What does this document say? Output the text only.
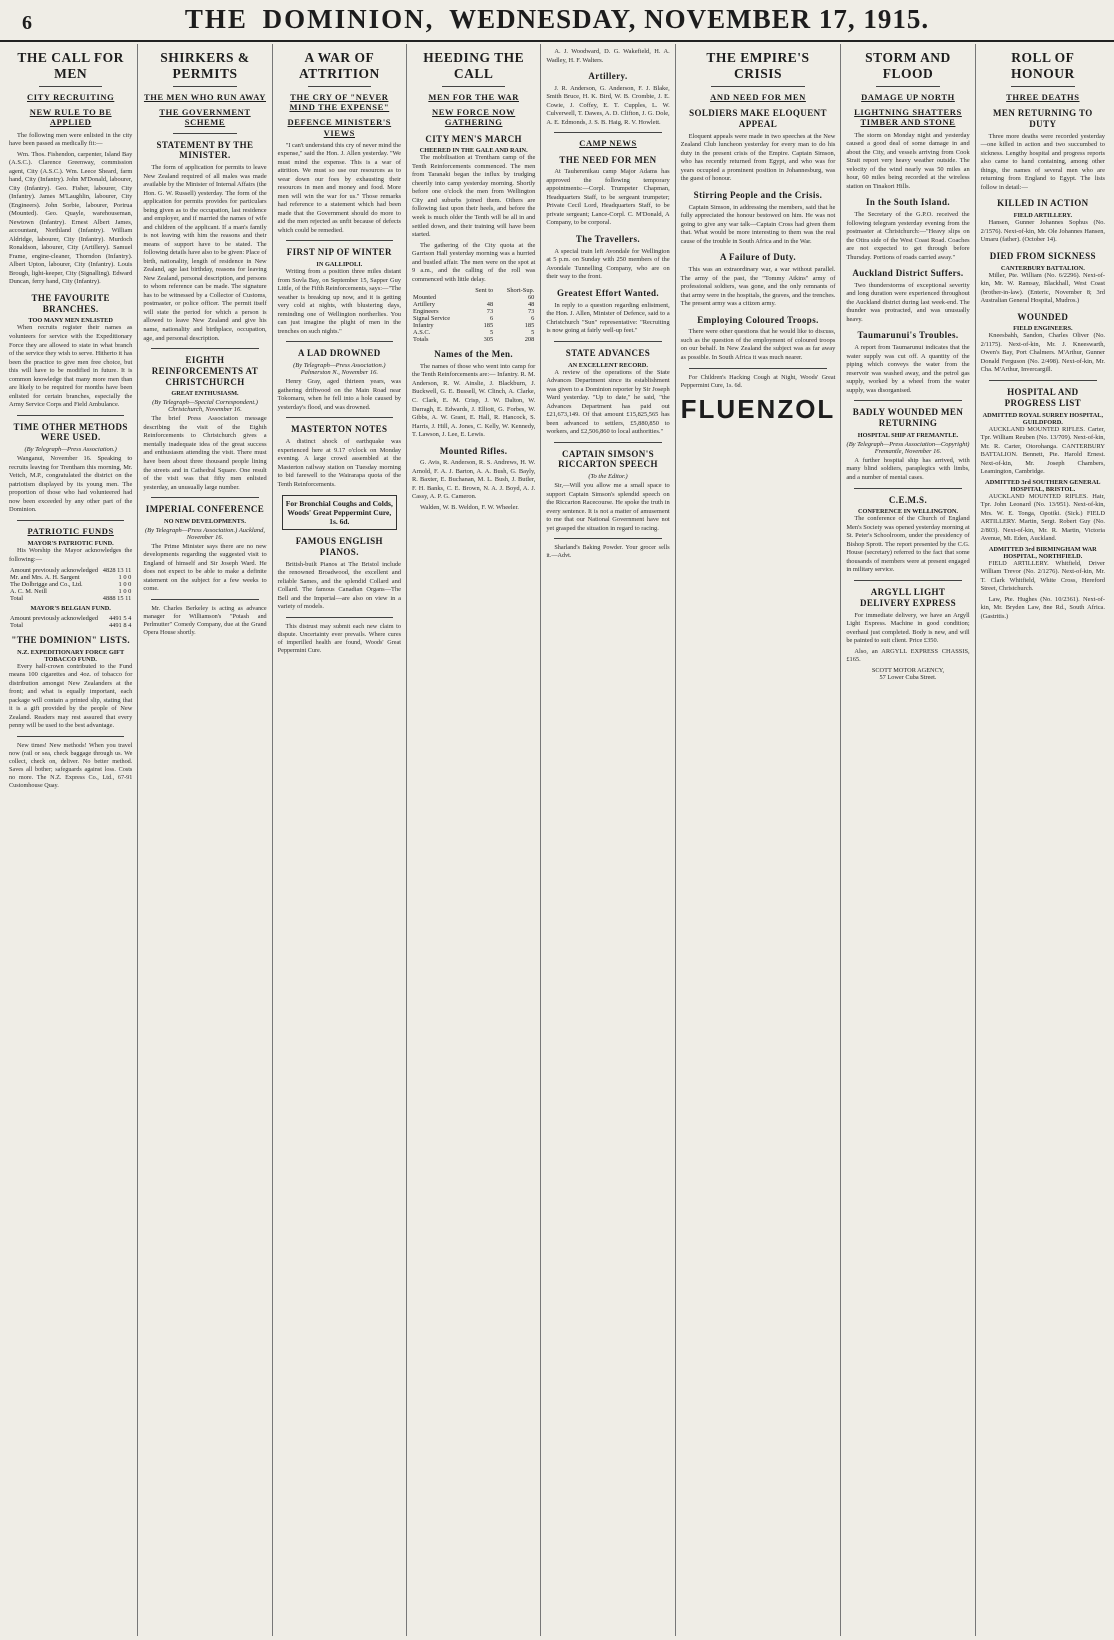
6	THE DOMINION, WEDNESDAY, NOVEMBER 17, 1915.
THE CALL FOR MEN
CITY RECRUITING
NEW RULE TO BE APPLIED

The following men were enlisted in the city have been passed as medically fit:—

Wm. Thos. Fishendon, carpenter, Island Bay (A.S.C.). Clarence Greenway, commission agent, City (A.S.C.). Wm. Leece Sheard, farm hand, City (Infantry). John M'Donald, labourer, City (Infantry). Geo. Fisher, labourer, City (Infantry). James M'Laughlin, labourer, City (Engineers). John Sorbie, labourer, Porirua (Mounted). Geo. Quayle, warehouseman, Newtown (Infantry). Ernest Albert James, accountant, Northland (Infantry). William Aldridge, labourer, City (Infantry). Murdoch Ronaldson, labourer, City (Artillery). Samuel Frame, engine-cleaner, Thorndon (Infantry). Albert Upton, labourer, City (Infantry). Louis Brough, light-keeper, City (Signalling). Edward Duncan, ferry hand, City (Infantry).

THE FAVOURITE BRANCHES.
TOO MANY MEN ENLISTED

When recruits register their names as volunteers for service with the Expeditionary Force they are allowed to state in what branch of the service they wish to serve. Hitherto it has been the practice to give men free choice, but this will have to be modified in future. It is common knowledge that many more men than are likely to be required for months have been enlisted for certain branches, especially the Army Service Corps and Field Ambulance.

TIME OTHER METHODS WERE USED.
(By Telegraph—Press Association.)

Wanganui, November 16. Speaking to recruits leaving for Trentham this morning, Mr. Veitch, M.P., congratulated the district on the patriotism displayed by its young men. The proportion of those who had volunteered had now been exceeded by any other part of the Dominion.

PATRIOTIC FUNDS
MAYOR'S PATRIOTIC FUND.

His Worship the Mayor acknowledges the following:—

Amount previously acknowledged	4828 13 11
Mr. and Mrs. A. H. Sargent	1 0 0
The Dolbrigge and Co., Ltd.	1 0 0
A. C. M. Neill	1 0 0
Total	4888 15 11
MAYOR'S BELGIAN FUND.
Amount previously acknowledged	4491 5 4
Total	4491 8 4
"THE DOMINION" LISTS.
N.Z. EXPEDITIONARY FORCE GIFT TOBACCO FUND.

Every half-crown contributed to the Fund means 100 cigarettes and 4oz. of tobacco for distribution amongst New Zealanders at the front; and what is equally important, each package will contain a printed slip, stating that it is a gift provided by the people of New Zealand. Readers may rest assured that every penny will be used to the best advantage.

New times! New methods! When you travel now (rail or sea, check baggage through us. We collect, check on, deliver. No better method. Saves all bother; safeguards against loss. Costs no more. The N.Z. Express Co., Ltd., 67-91 Customhouse Quay.

SHIRKERS & PERMITS
THE MEN WHO RUN AWAY
THE GOVERNMENT SCHEME
STATEMENT BY THE MINISTER.

The form of application for permits to leave New Zealand required of all males was made available by the Minister of Internal Affairs (the Hon. G. W. Russell) yesterday. The form of the application for permits provides for particulars being given as to the occupation, last residence and employer, and if married the names of wife and children of the applicant. If a man's family is not leaving with him the reasons and their means of support have to be stated. The following details have also to be given: Place of birth, nationality, length of residence in New Zealand, age last birthday, reasons for leaving New Zealand, personal description, and persons to whom reference can be made. The signature has to be witnessed by a Collector of Customs, postmaster, or police officer. The permit itself will state the period for which a person is allowed to leave New Zealand and give his name, nationality and birthplace, occupation, age, and personal description.

EIGHTH REINFORCEMENTS AT CHRISTCHURCH
GREAT ENTHUSIASM.
(By Telegraph—Special Correspondent.) Christchurch, November 16.

The brief Press Association message describing the visit of the Eighth Reinforcements to Christchurch gives a mentally inadequate idea of the great success and enthusiasm attending the visit. There must have been about three thousand people lining the streets and in Cathedral Square. One result of the visit was that fifty men enlisted yesterday, an unusually large number.

IMPERIAL CONFERENCE
NO NEW DEVELOPMENTS.
(By Telegraph—Press Association.) Auckland, November 16.

The Prime Minister says there are no new developments regarding the suggested visit to England of himself and Sir Joseph Ward. He does not expect to be able to make a definite statement on the subject for a few weeks to come.

Mr. Charles Berkeley is acting as advance manager for Williamson's "Potash and Perlmutter" Comedy Company, due at the Grand Opera House shortly.

A WAR OF ATTRITION
THE CRY OF "NEVER MIND THE EXPENSE"
DEFENCE MINISTER'S VIEWS

"I can't understand this cry of never mind the expense," said the Hon. J. Allen yesterday. "We must mind the expense. This is a war of attrition. We must so use our resources as to wear down our foes by exhausting their resources in men and money and food. More men will win the war for us." Those remarks had reference to a statement which had been made that the Government should do more to aid the men rejected as unfit because of defects which could be remedied.

FIRST NIP OF WINTER
IN GALLIPOLI.

Writing from a position three miles distant from Suvla Bay, on September 15, Sapper Guy Little, of the Fifth Reinforcements, says:—"The weather is breaking up now, and it is getting very cold at nights, with blustering days, reminding one of Wellington northerlies. You can just imagine the plight of men in the trenches on such nights."

A LAD DROWNED
(By Telegraph—Press Association.) Palmerston N., November 16.

Henry Gray, aged thirteen years, was gathering driftwood on the Main Road near Tokomaru, when he fell into a hole caused by yesterday's flood, and was drowned.

MASTERTON NOTES

A distinct shock of earthquake was experienced here at 9.17 o'clock on Monday evening. A large crowd assembled at the Masterton railway station on Tuesday morning to bid farewell to the Wairarapa quota of the Tenth Reinforcements.

For Bronchial Coughs and Colds, Woods' Great Peppermint Cure, 1s. 6d.
FAMOUS ENGLISH PIANOS.

British-built Pianos at The Bristol include the renowned Broadwood, the excellent and reliable Sames, and the splendid Collard and Collard. The famous Canadian Organs—The Bell and the Imperial—are also on view in a variety of models.

This distrust may submit each new claim to dispute. Uncertainty ever prevails. Where cures of imperilled health are found, Woods' Great Peppermint Cure.

HEEDING THE CALL
MEN FOR THE WAR
NEW FORCE NOW GATHERING
CITY MEN'S MARCH
CHEERED IN THE GALE AND RAIN.

The mobilisation at Trentham camp of the Tenth Reinforcements commenced. The men from Taranaki began the influx by trudging cheerily into camp yesterday morning. Shortly before one o'clock the men from Wellington City and suburbs joined them. Others are following fast upon their heels, and before the week is much older the Tenth will be all in and settled down, and their training will have been started.

The gathering of the City quota at the Garrison Hall yesterday morning was a hurried and bustled affair. The men were on the spot at 9 a.m., and the calling of the roll was commenced with little delay.

	Sent to	Short-Sup.
Mounted		60
Artillery	48	48
Engineers	73	73
Signal Service	6	6
Infantry	185	185
A.S.C.	5	5
Totals	305	208
Names of the Men.

The names of those who went into camp for the Tenth Reinforcements are:— Infantry. R. M. Anderson, R. W. Ainslie, J. Blackburn, J. Buckwell, G. E. Bussell, W. Clinch, A. Clarke, C. Clark, E. M. Crisp, J. W. Dalton, W. Darragh, E. Edwards, J. Elliott, G. Forbes, W. Gibbs, A. W. Grant, E. Hall, R. Hancock, S. Harris, J. Hill, A. Jones, C. Kelly, W. Kennedy, T. Lawson, J. Lee, E. Lewis.

Mounted Rifles.

G. Avis, R. Anderson, R. S. Andrews, H. W. Arnold, F. A. J. Barton, A. A. Bush, G. Bayly, R. Baxter, E. Buchanan, M. L. Bush, J. Butler, F. H. Banks, C. E. Brown, N. A. J. Boyd, A. J. Cassy, A. P. G. Cameron.

Walden, W. B. Weldon, F. W. Wheeler.

A. J. Woodward, D. G. Wakefield, H. A. Wadley, H. F. Walters.

Artillery.

J. R. Anderson, G. Anderson, F. J. Blake, Smith Bruce, H. K. Bird, W. B. Crombie, J. E. Cowie, J. Coffey, E. T. Cupples, L. W. Culverwell, T. Dawes, A. D. Clifton, J. G. Dole, A. E. Edmonds, J. S. B. Haig, R. V. Howlett.

CAMP NEWS
THE NEED FOR MEN

At Tauherenikau camp Major Adams has approved the following temporary appointments:—Corpl. Trumpeter Chapman, Headquarters Staff, to be sergeant trumpeter; Private Cecil Lord, Headquarters Staff, to be private sergeant; Lance-Corpl. C. M'Donald, A Company, to be corporal.

The Travellers.

A special train left Avondale for Wellington at 5 p.m. on Sunday with 250 members of the Avondale Tunnelling Company, who are on their way to the front.

Greatest Effort Wanted.

In reply to a question regarding enlistment, the Hon. J. Allen, Minister of Defence, said to a Christchurch "Sun" representative: "Recruiting is now going at fairly well-up feet."

STATE ADVANCES
AN EXCELLENT RECORD.

A review of the operations of the State Advances Department since its establishment was given to a Dominion reporter by Sir Joseph Ward yesterday. "Up to date," he said, "the Advances Department has paid out £21,673,149. Of that amount £15,825,565 has been advanced to settlers, £5,880,850 to workers, and £2,506,860 to local authorities."

CAPTAIN SIMSON'S RICCARTON SPEECH
(To the Editor.)

Sir,—Will you allow me a small space to support Captain Simson's splendid speech on the Riccarton Racecourse. He spoke the truth in every sentence. It is not a matter of amusement to me that our National Government have not yet grasped the situation in regard to racing.

Sharland's Baking Powder. Your grocer sells it.—Advt.

THE EMPIRE'S CRISIS
AND NEED FOR MEN
SOLDIERS MAKE ELOQUENT APPEAL

Eloquent appeals were made in two speeches at the New Zealand Club luncheon yesterday for every man to do his duty in the present crisis of the Empire. Captain Simson, who has recently returned from Egypt, and who was for years occupied a prominent position in Johannesburg, was the guest of honour.

Stirring People and the Crisis.

Captain Simson, in addressing the members, said that he fully appreciated the honour bestowed on him. He was not going to give any war talk—Captain Cross had given them that. What would be more interesting to them was the real cause of the trouble in South Africa and in the War.

A Failure of Duty.

This was an extraordinary war, a war without parallel. The army of the past, the "Tommy Atkins" army of professional soldiers, was gone, and the only remnants of that army were in the hospitals, the graves, and the trenches. The present army was a citizen army.

Employing Coloured Troops.

There were other questions that he would like to discuss, such as the question of the employment of coloured troops on our behalf. In New Zealand the subject was as far away as possible. In South Africa it was much nearer.

For Children's Hacking Cough at Night, Woods' Great Peppermint Cure, 1s. 6d.

FLUENZOL
STORM AND FLOOD
DAMAGE UP NORTH
LIGHTNING SHATTERS TIMBER AND STONE

The storm on Monday night and yesterday caused a good deal of some damage in and about the City, and vessels arriving from Cook Strait report very heavy weather outside. The velocity of the wind nearly was 50 miles an hour, 60 miles being recorded at the wireless station on Tinakori Hills.

In the South Island.

The Secretary of the G.P.O. received the following telegram yesterday evening from the postmaster at Christchurch:—"Heavy slips on the Otira side of the West Coast Road. Coaches are not expected to get through before Thursday. Portions of roads carried away."

Auckland District Suffers.

Two thunderstorms of exceptional severity and long duration were experienced throughout the Auckland district during last week-end. The thunder was protracted, and was unusually heavy.

Taumarunui's Troubles.

A report from Taumarunui indicates that the water supply was cut off. A quantity of the piping which conveys the water from the reservoir was washed away, and the petrol gas supply, worked by a wheel from the water supply, was disorganised.

BADLY WOUNDED MEN RETURNING
HOSPITAL SHIP AT FREMANTLE.
(By Telegraph—Press Association—Copyright) Fremantle, November 16.

A further hospital ship has arrived, with many blind soldiers, paraplegics with limbs, and a number of mental cases.

C.E.M.S.
CONFERENCE IN WELLINGTON.

The conference of the Church of England Men's Society was opened yesterday morning at St. Peter's Schoolroom, under the presidency of Bishop Sprott. The report presented by the C.G. House (secretary) referred to the fact that some thousands of members were at present engaged in military service.

ARGYLL LIGHT DELIVERY EXPRESS

For immediate delivery, we have an Argyll Light Express. Machine in good condition; overhaul just completed. Body is new, and will be painted to suit client. Price £350.

Also, an ARGYLL EXPRESS CHASSIS, £165.

SCOTT MOTOR AGENCY,
57 Lower Cuba Street.
ROLL OF HONOUR
THREE DEATHS
MEN RETURNING TO DUTY

Three more deaths were recorded yesterday—one killed in action and two succumbed to sickness. Lengthy hospital and progress reports also came to hand containing, among other things, the names of several men who are returning from England to Egypt. The lists follow in detail:—

KILLED IN ACTION
FIELD ARTILLERY.

Hansen, Gunner Johannes Sophus (No. 2/1576). Next-of-kin, Mr. Ole Johannes Hansen, Umaru (father). (October 14).

DIED FROM SICKNESS
CANTERBURY BATTALION.

Miller, Pte. William (No. 6/2296). Next-of-kin, Mr. W. Ramsay, Blackhall, West Coast (brother-in-law). (Enteric, November 8; 3rd Australian General Hospital, Mudros.)

WOUNDED
FIELD ENGINEERS.

Kneesbahh, Sandon, Charles Oliver (No. 2/1175). Next-of-kin, Mr. J. Kneeswarth, Owen's Bay, Port Chalmers. M'Arthur, Gunner Donald Ferguson (No. 2/498). Next-of-kin, Mr. Cha. M'Arthur, Invercargill.

HOSPITAL AND PROGRESS LIST
ADMITTED ROYAL SURREY HOSPITAL, GUILDFORD.

AUCKLAND MOUNTED RIFLES. Carter, Tpr. William Reuben (No. 13/709). Next-of-kin, Mr. R. Carter, Otorohanga. CANTERBURY BATTALION. Bennett, Pte. Harold Ernest. Next-of-kin, Mr. Joseph Chambers, Leamington, Cambridge.

ADMITTED 3rd SOUTHERN GENERAL HOSPITAL, BRISTOL.

AUCKLAND MOUNTED RIFLES. Hair, Tpr. John Leonard (No. 13/951). Next-of-kin, Mrs. W. E. Tonga, Opotiki. (Sick.) FIELD ARTILLERY. Martin, Sergt. Robert Guy (No. 2/803). Next-of-kin, Mr. R. Martin, Victoria Avenue, Mt. Eden, Auckland.

ADMITTED 3rd BIRMINGHAM WAR HOSPITAL, NORTHFIELD.

FIELD ARTILLERY. Whitfield, Driver William Trevor (No. 2/1276). Next-of-kin, Mr. T. Clark Whitfield, White Cross, Hereford Street, Christchurch.

Law, Pte. Hughes (No. 10/2361). Next-of-kin, Mr. Bryden Law, 8ne Rd., South Africa. (Gastritis.)
